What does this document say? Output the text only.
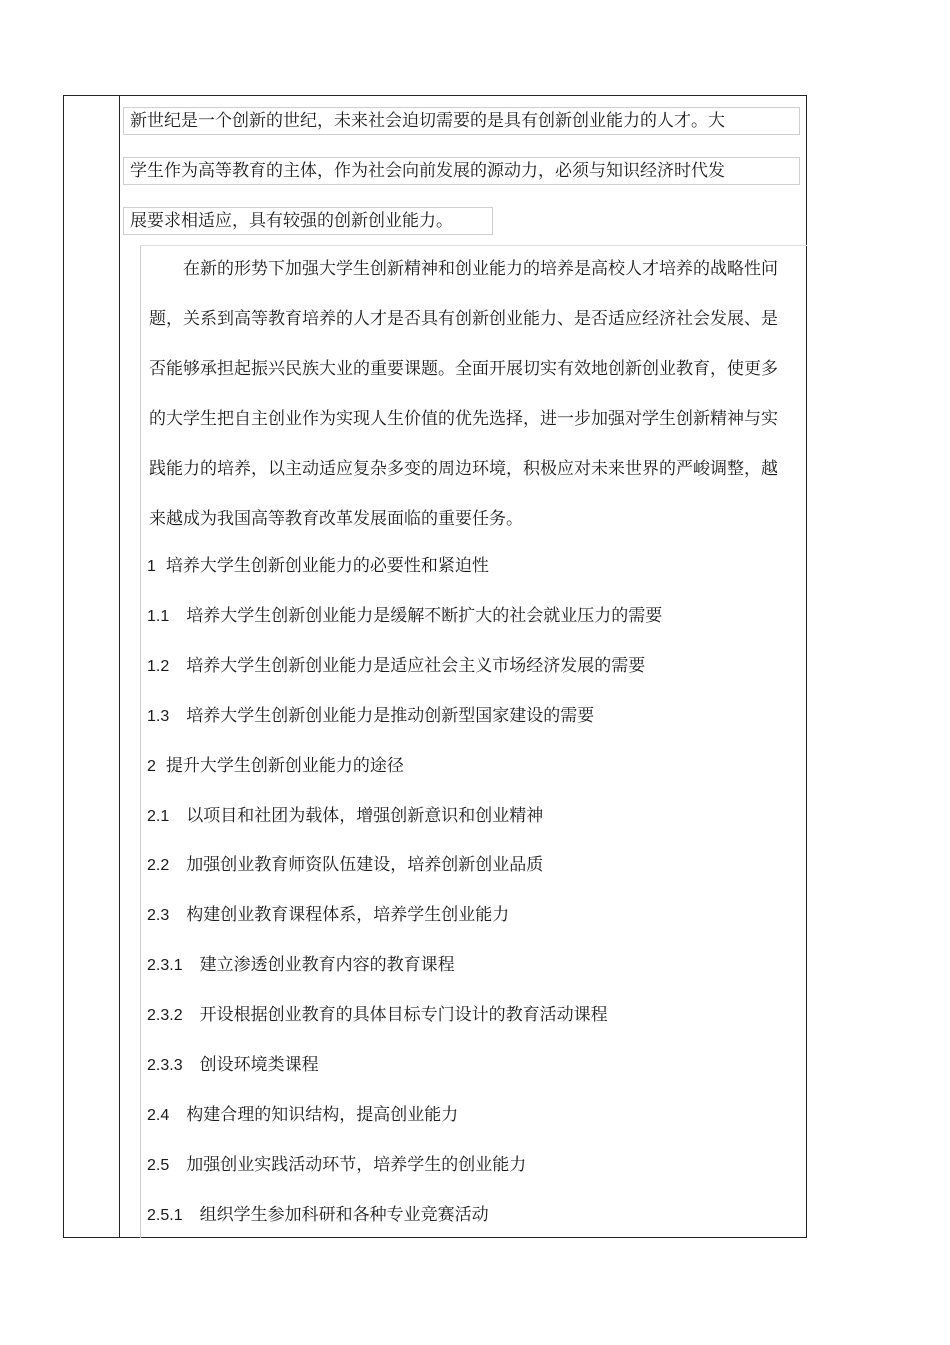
新世纪是一个创新的世纪，未来社会迫切需要的是具有创新创业能力的人才。大
学生作为高等教育的主体，作为社会向前发展的源动力，必须与知识经济时代发
展要求相适应，具有较强的创新创业能力。

在新的形势下加强大学生创新精神和创业能力的培养是高校人才培养的战略性问题，关系到高等教育培养的人才是否具有创新创业能力、是否适应经济社会发展、是否能够承担起振兴民族大业的重要课题。全面开展切实有效地创新创业教育，使更多的大学生把自主创业作为实现人生价值的优先选择，进一步加强对学生创新精神与实践能力的培养，以主动适应复杂多变的周边环境，积极应对未来世界的严峻调整，越来越成为我国高等教育改革发展面临的重要任务。

1 培养大学生创新创业能力的必要性和紧迫性
1.1 培养大学生创新创业能力是缓解不断扩大的社会就业压力的需要
1.2 培养大学生创新创业能力是适应社会主义市场经济发展的需要
1.3 培养大学生创新创业能力是推动创新型国家建设的需要
2 提升大学生创新创业能力的途径
2.1 以项目和社团为载体，增强创新意识和创业精神
2.2 加强创业教育师资队伍建设，培养创新创业品质
2.3 构建创业教育课程体系，培养学生创业能力
2.3.1 建立渗透创业教育内容的教育课程
2.3.2 开设根据创业教育的具体目标专门设计的教育活动课程
2.3.3 创设环境类课程
2.4 构建合理的知识结构，提高创业能力
2.5 加强创业实践活动环节，培养学生的创业能力
2.5.1 组织学生参加科研和各种专业竞赛活动
